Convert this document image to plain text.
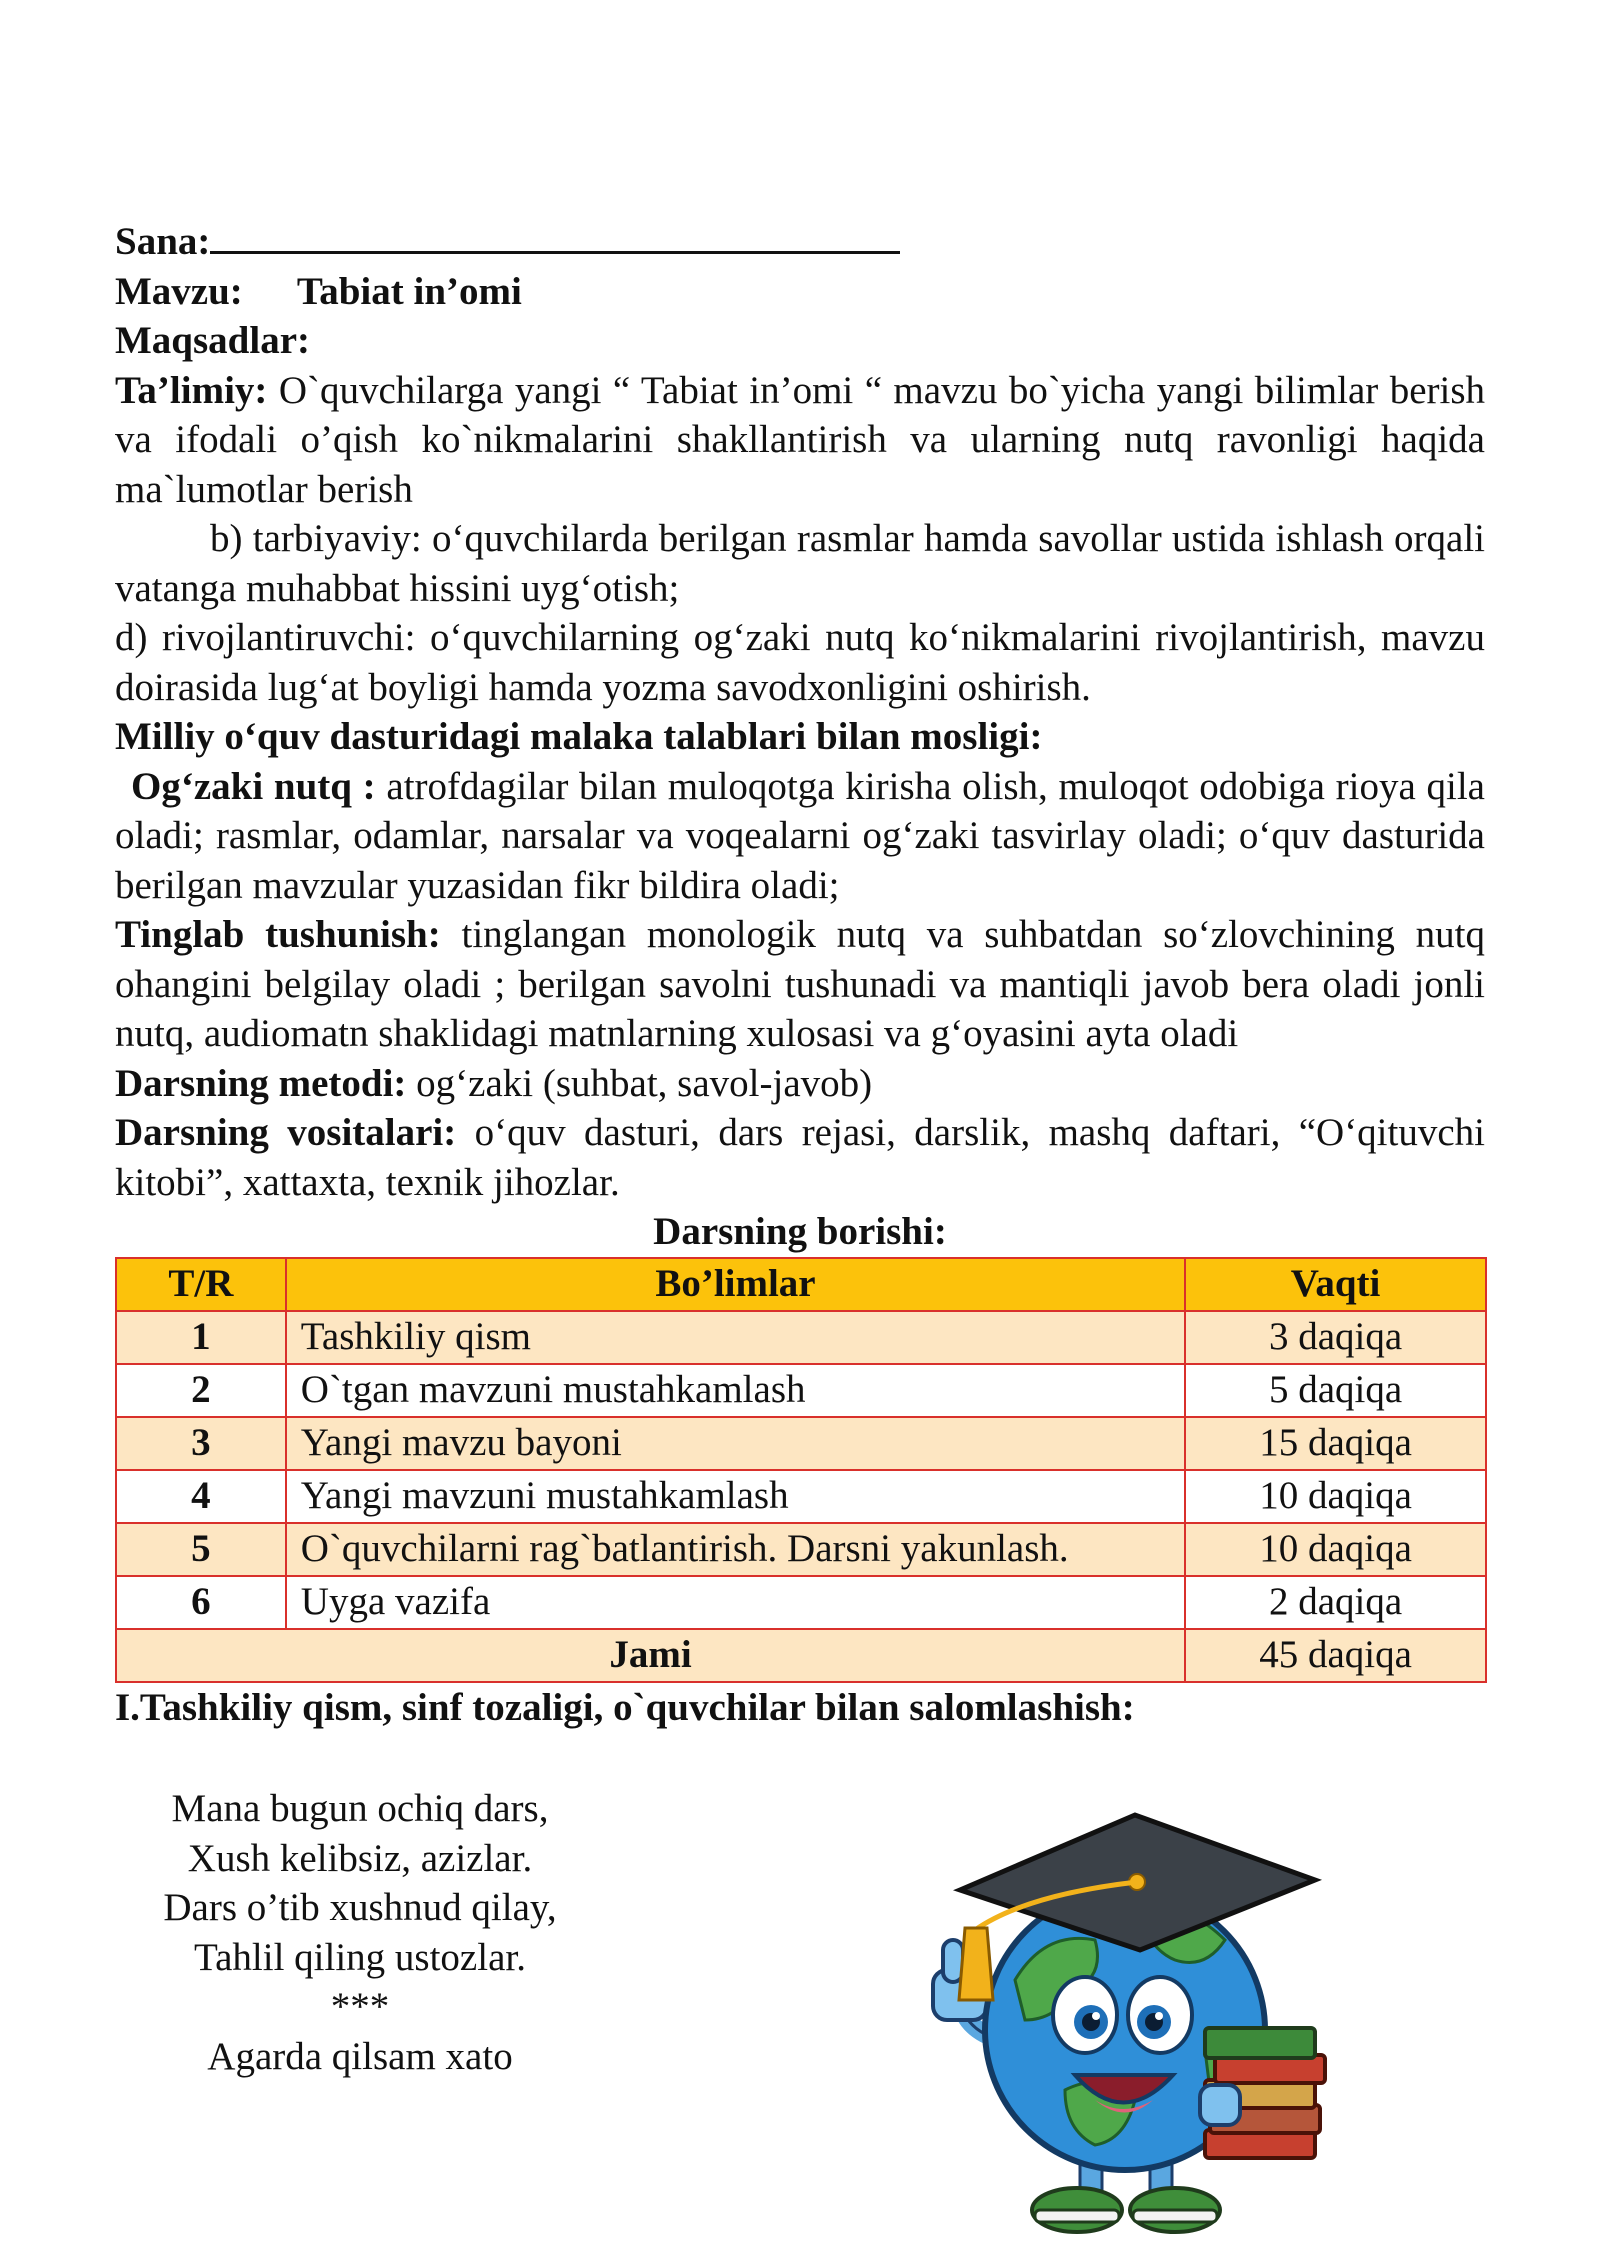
Sana:

Mavzu: Tabiat in’omi

Maqsadlar:

Ta’limiy: O`quvchilarga yangi “ Tabiat in’omi “ mavzu bo`yicha yangi bilimlar berish va ifodali o’qish ko`nikmalarini shakllantirish va ularning nutq ravonligi haqida ma`lumotlar berish

b) tarbiyaviy: o‘quvchilarda berilgan rasmlar hamda savollar ustida ishlash orqali vatanga muhabbat hissini uyg‘otish;

d) rivojlantiruvchi: o‘quvchilarning og‘zaki nutq ko‘nikmalarini rivojlantirish, mavzu doirasida lug‘at boyligi hamda yozma savodxonligini oshirish.

Milliy o‘quv dasturidagi malaka talablari bilan mosligi:

Og‘zaki nutq : atrofdagilar bilan muloqotga kirisha olish, muloqot odobiga rioya qila oladi; rasmlar, odamlar, narsalar va voqealarni og‘zaki tasvirlay oladi; o‘quv dasturida berilgan mavzular yuzasidan fikr bildira oladi;

Tinglab tushunish: tinglangan monologik nutq va suhbatdan so‘zlovchining nutq ohangini belgilay oladi ; berilgan savolni tushunadi va mantiqli javob bera oladi jonli nutq, audiomatn shaklidagi matnlarning xulosasi va g‘oyasini ayta oladi

Darsning metodi: og‘zaki (suhbat, savol-javob)

Darsning vositalari: o‘quv dasturi, dars rejasi, darslik, mashq daftari, “O‘qituvchi kitobi”, xattaxta, texnik jihozlar.

Darsning borishi:

T/R	Bo’limlar	Vaqti
1	Tashkiliy qism	3 daqiqa
2	O`tgan mavzuni mustahkamlash	5 daqiqa
3	Yangi mavzu bayoni	15 daqiqa
4	Yangi mavzuni mustahkamlash	10 daqiqa
5	O`quvchilarni rag`batlantirish. Darsni yakunlash.	10 daqiqa
6	Uyga vazifa	2 daqiqa
Jami		45 daqiqa

I.Tashkiliy qism, sinf tozaligi, o`quvchilar bilan salomlashish:

Mana bugun ochiq dars,

Xush kelibsiz, azizlar.

Dars o’tib xushnud qilay,

Tahlil qiling ustozlar.

***

Agarda qilsam xato
